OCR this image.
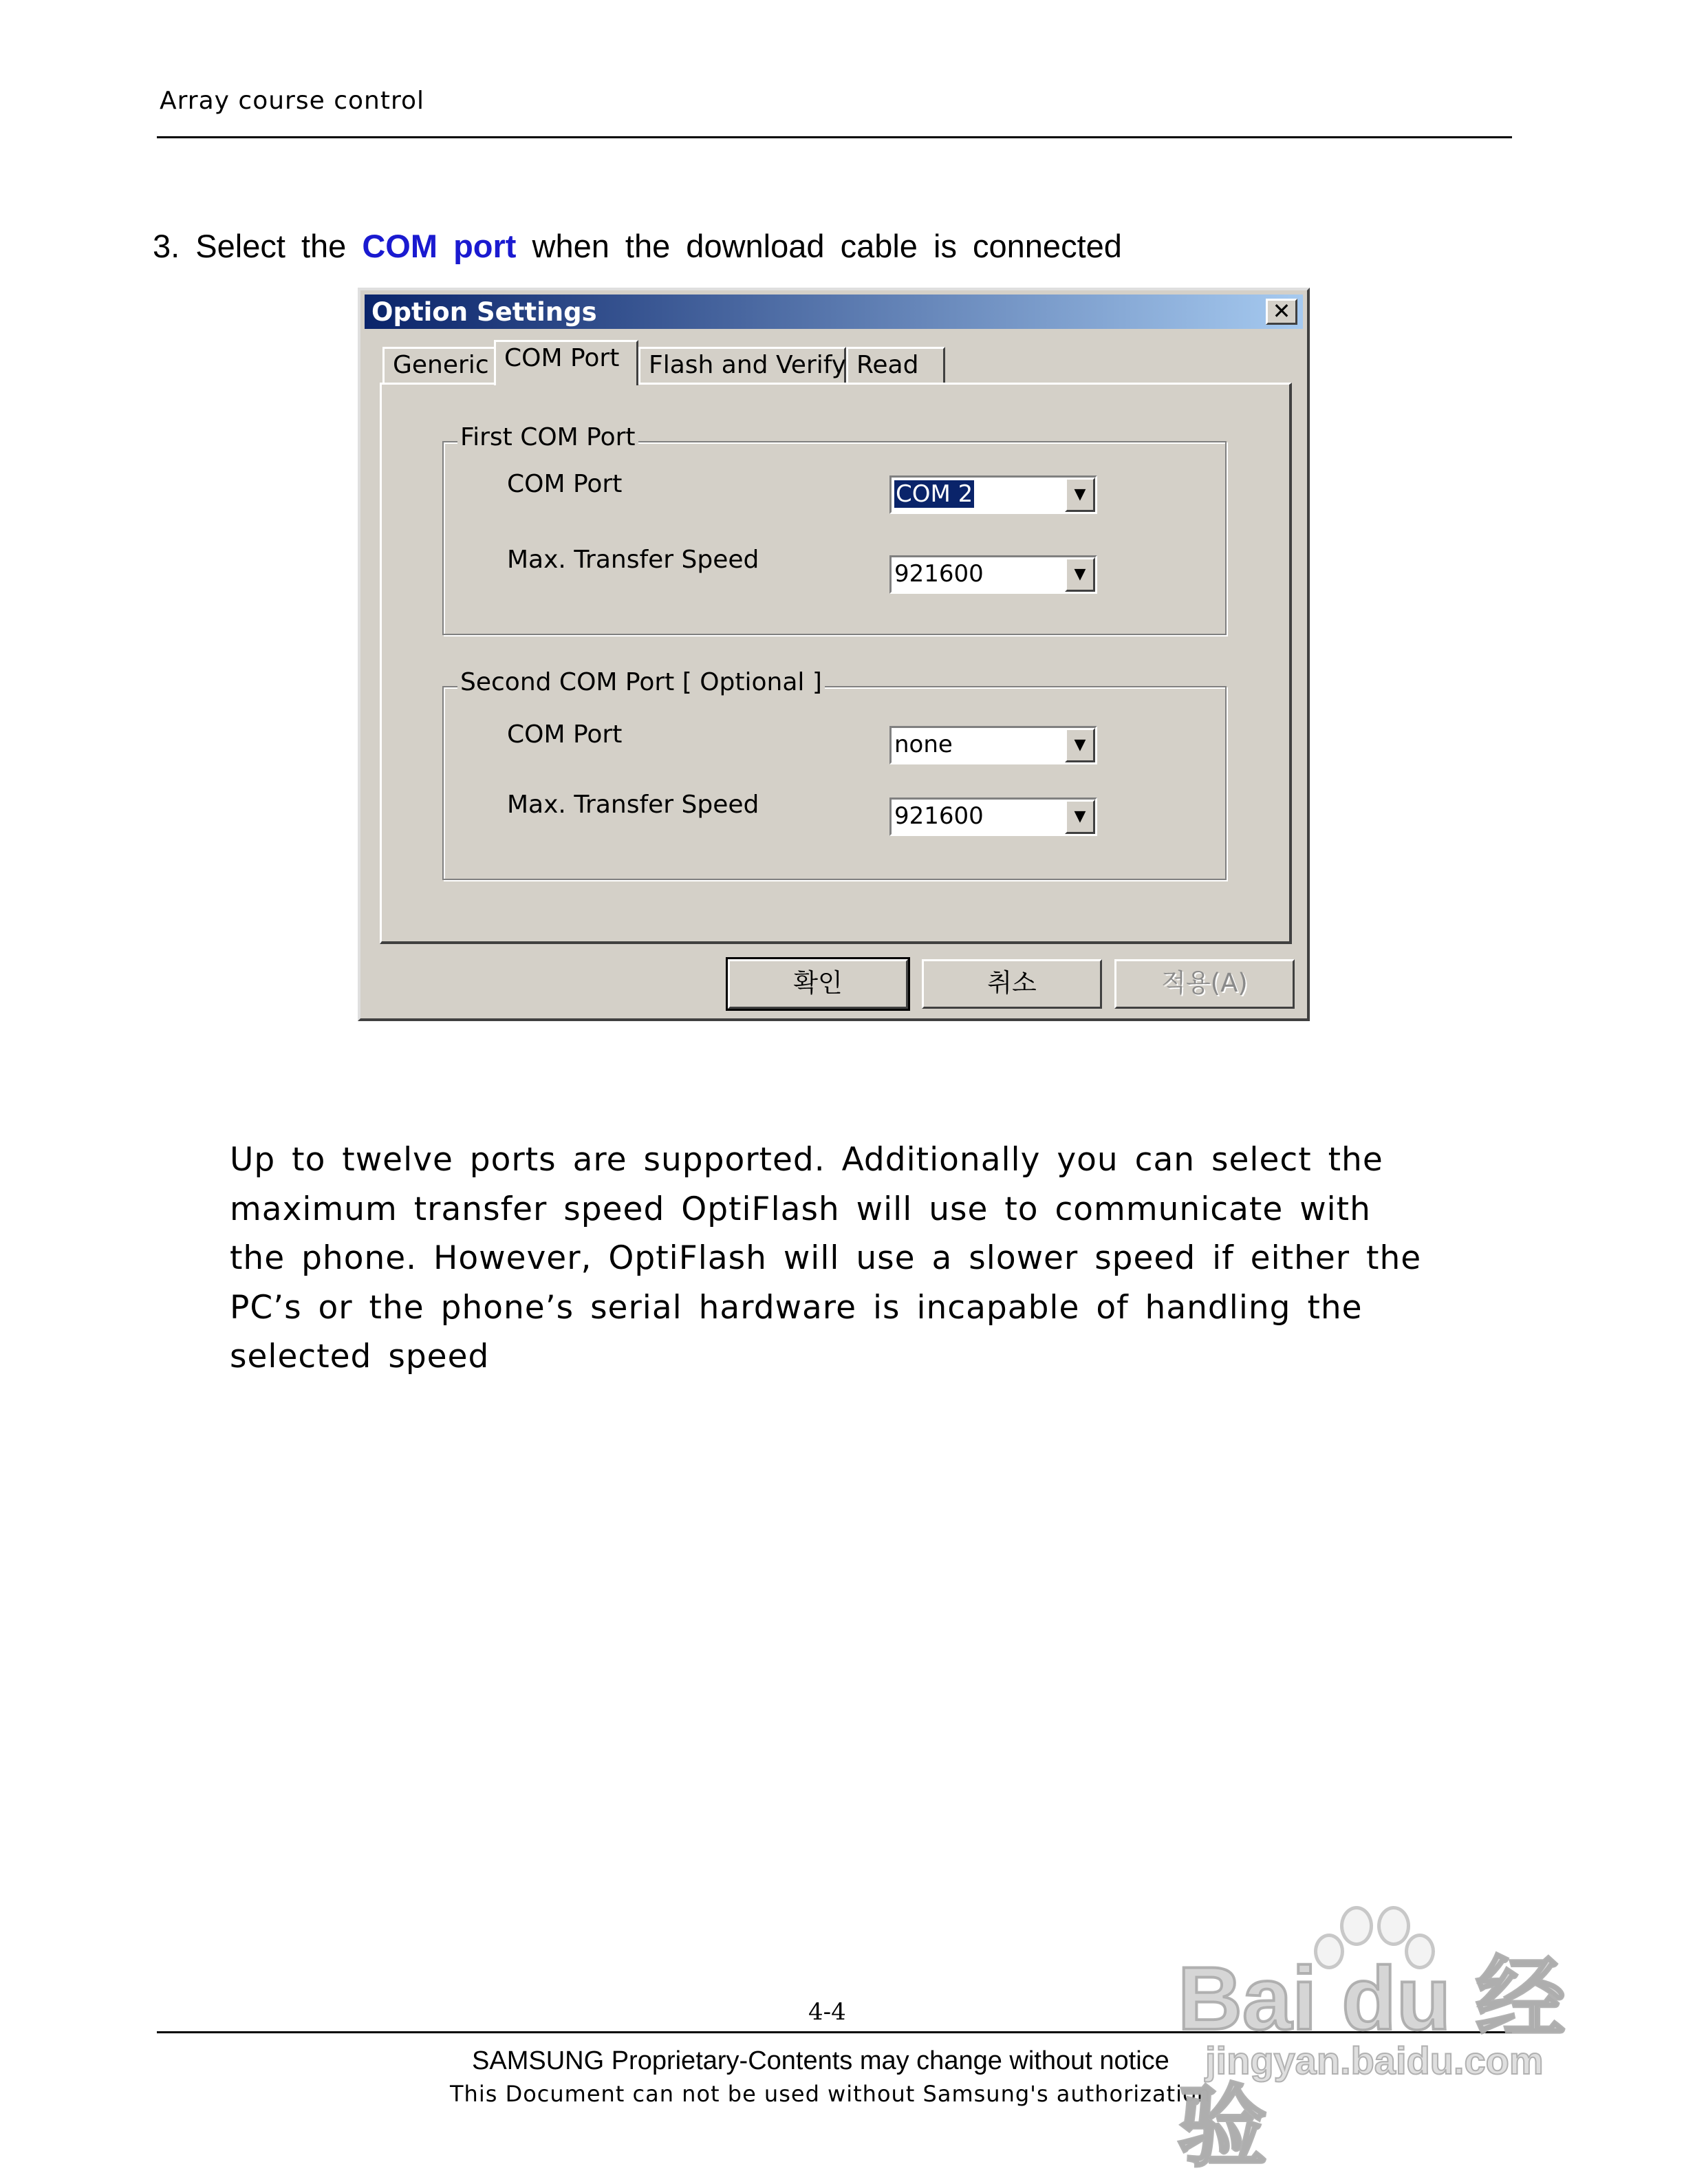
Array course control
3. Select the COM port when the download cable is connected
Option Settings	✕
Generic COM Port	Flash and Verify Read
First COM Port
COM Port	COM 2	▼
Max. Transfer Speed	921600	▼
Second COM Port [ Optional ]
COM Port	none	▼
Max. Transfer Speed	921600	▼
확인	취소	적용(A)
Up to twelve ports are supported. Additionally you can select the
maximum transfer speed OptiFlash will use to communicate with
the phone. However, OptiFlash will use a slower speed if either the
PC’s or the phone’s serial hardware is incapable of handling the
selected speed
4-4
SAMSUNG Proprietary-Contents may change without notice
This Document can not be used without Samsung's authorization
Bai du 经验
jingyan.baidu.com
